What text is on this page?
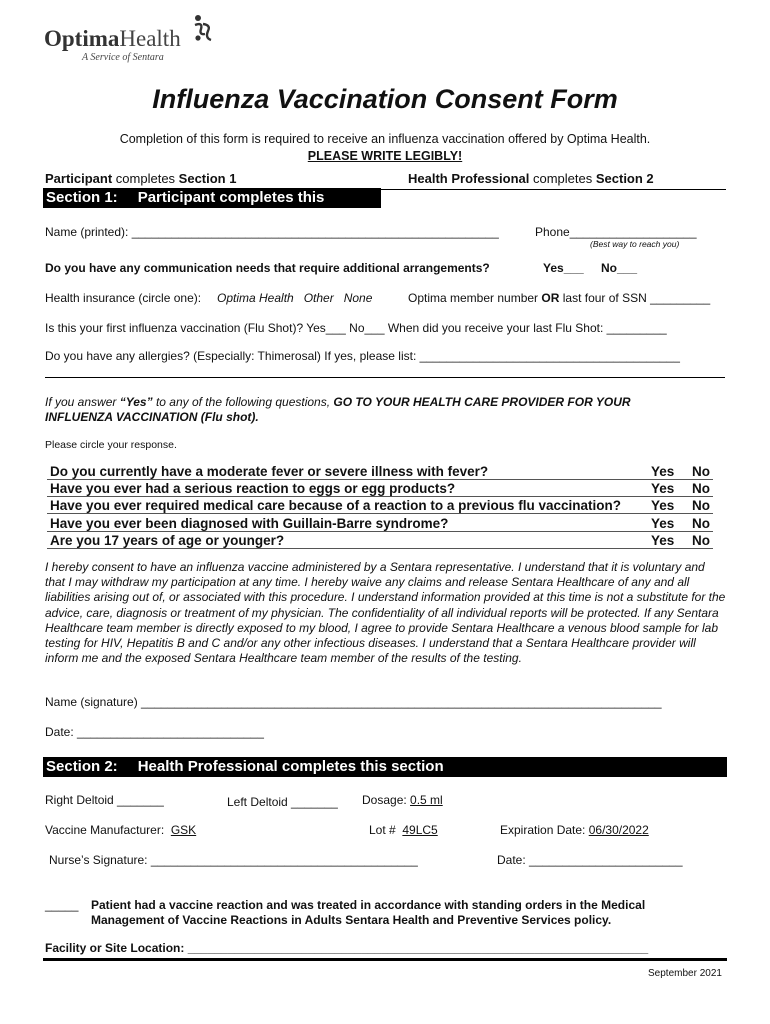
OptimaHealth
A Service of Sentara
Influenza Vaccination Consent Form
Completion of this form is required to receive an influenza vaccination offered by Optima Health.
PLEASE WRITE LEGIBLY!
Participant completes Section 1	Health Professional completes Section 2
Section 1: Participant completes this section
Name (printed): _______________________________________________________	Phone___________________
(Best way to reach you)
Do you have any communication needs that require additional arrangements?	Yes___ No___
Health insurance (circle one): Optima Health   Other   None	Optima member number OR last four of SSN _________
Is this your first influenza vaccination (Flu Shot)? Yes___ No___ When did you receive your last Flu Shot: _________
Do you have any allergies? (Especially: Thimerosal) If yes, please list: _______________________________________
If you answer “Yes” to any of the following questions, GO TO YOUR HEALTH CARE PROVIDER FOR YOUR
INFLUENZA VACCINATION (Flu shot).
Please circle your response.
Do you currently have a moderate fever or severe illness with fever?	Yes No
Have you ever had a serious reaction to eggs or egg products?	Yes No
Have you ever required medical care because of a reaction to a previous flu vaccination? Yes No
Have you ever been diagnosed with Guillain-Barre syndrome?	Yes No
Are you 17 years of age or younger?	Yes No
I hereby consent to have an influenza vaccine administered by a Sentara representative. I understand that it is voluntary and that I may withdraw my participation at any time. I hereby waive any claims and release Sentara Healthcare of any and all liabilities arising out of, or associated with this procedure. I understand information provided at this time is not a substitute for the advice, care, diagnosis or treatment of my physician. The confidentiality of all individual reports will be protected. If any Sentara Healthcare team member is directly exposed to my blood, I agree to provide Sentara Healthcare a venous blood sample for lab testing for HIV, Hepatitis B and C and/or any other infectious diseases. I understand that a Sentara Healthcare provider will inform me and the exposed Sentara Healthcare team member of the results of the testing.
Name (signature) ______________________________________________________________________________
Date: ____________________________
Section 2: Health Professional completes this section
Right Deltoid _______	Left Deltoid _______ Dosage: 0.5 ml
Vaccine Manufacturer:  GSK	Lot #  49LC5	Expiration Date: 06/30/2022
Nurse’s Signature: ________________________________________	Date: _______________________
_____ Patient had a vaccine reaction and was treated in accordance with standing orders in the Medical
Management of Vaccine Reactions in Adults Sentara Health and Preventive Services policy.
Facility or Site Location: _____________________________________________________________________
September 2021
